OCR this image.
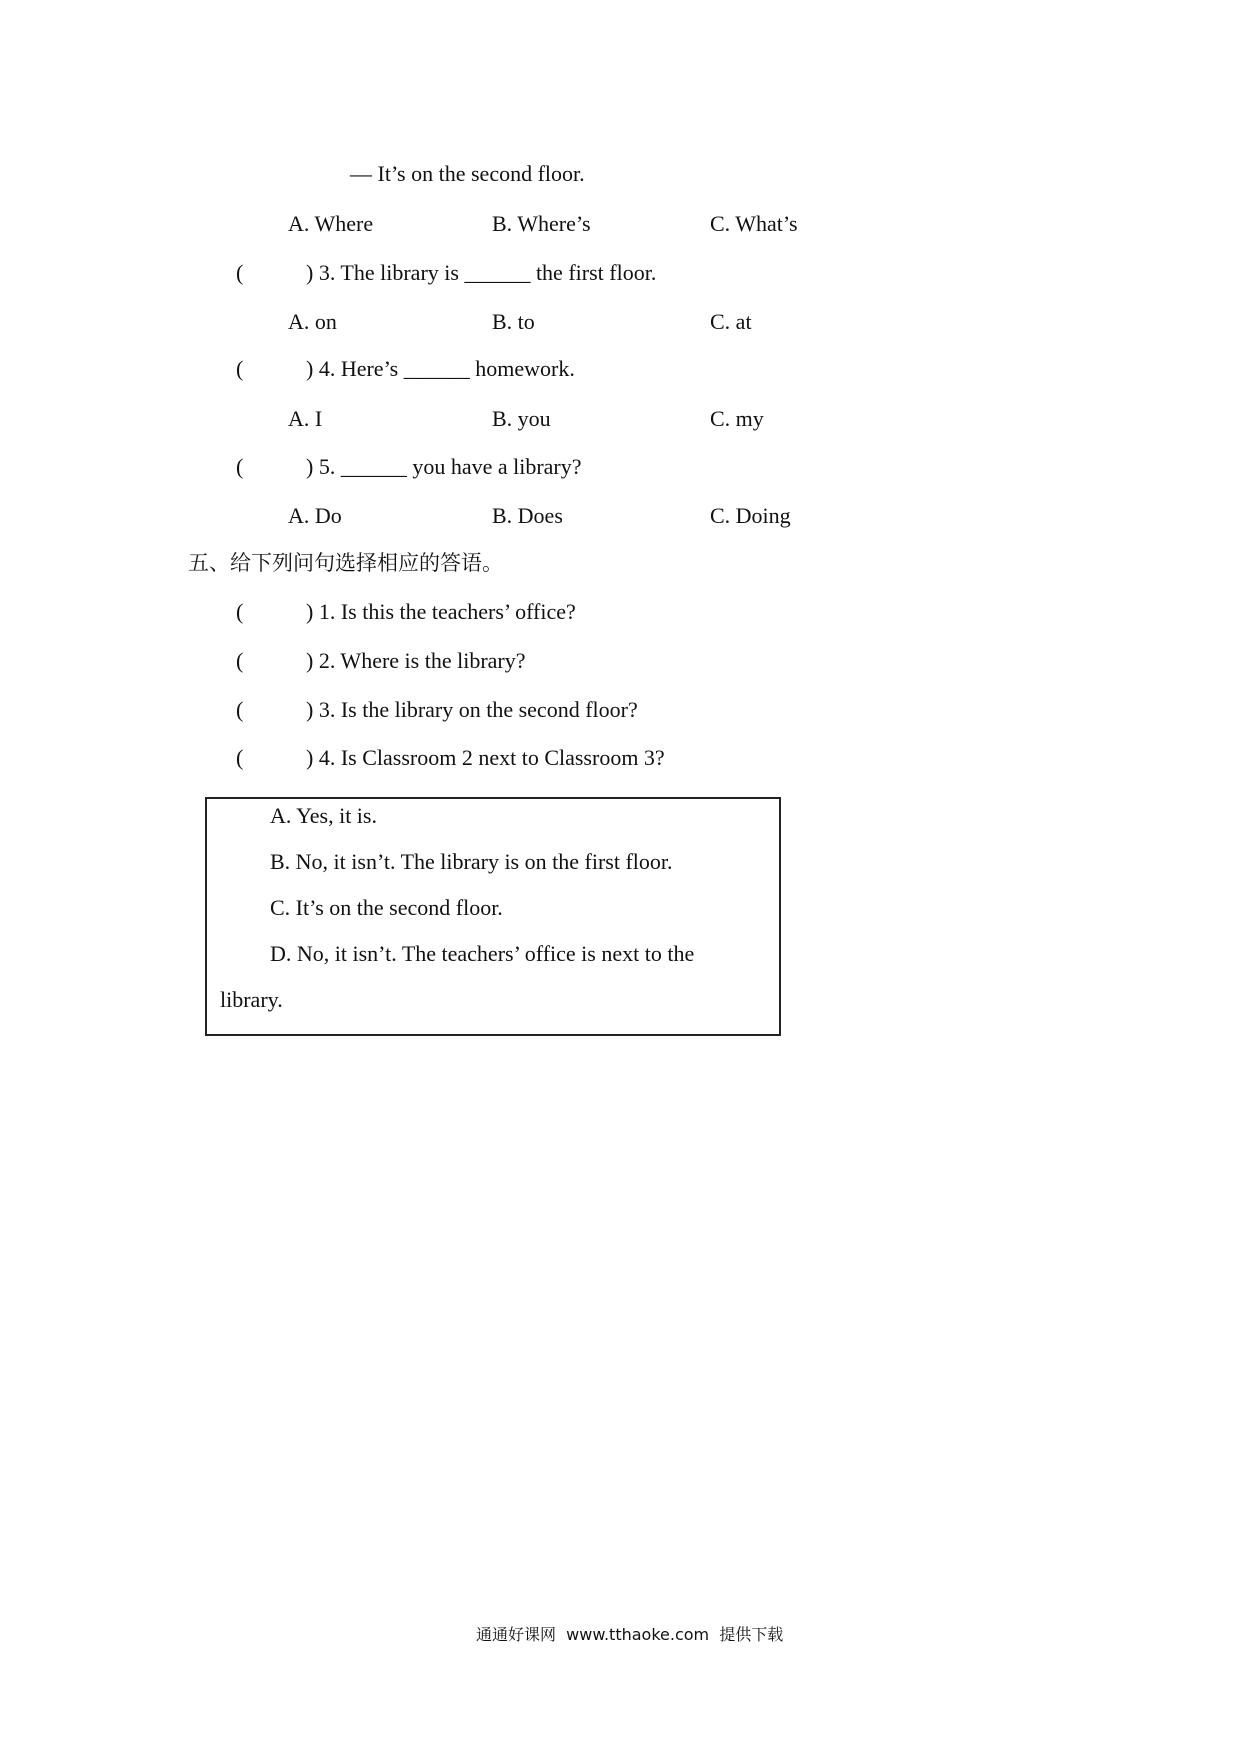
— It’s on the second floor.
A. Where	B. Where’s	C. What’s
(	) 3. The library is ______ the first floor.
A. on	B. to	C. at
(	) 4. Here’s ______ homework.
A. I	B. you	C. my
(	) 5. ______ you have a library?
A. Do	B. Does	C. Doing
五、给下列问句选择相应的答语。
(	) 1. Is this the teachers’ office?
(	) 2. Where is the library?
(	) 3. Is the library on the second floor?
(	) 4. Is Classroom 2 next to Classroom 3?
A. Yes, it is.
B. No, it isn’t. The library is on the first floor.
C. It’s on the second floor.
D. No, it isn’t. The teachers’ office is next to the
library.
通通好课网  www.tthaoke.com  提供下载
